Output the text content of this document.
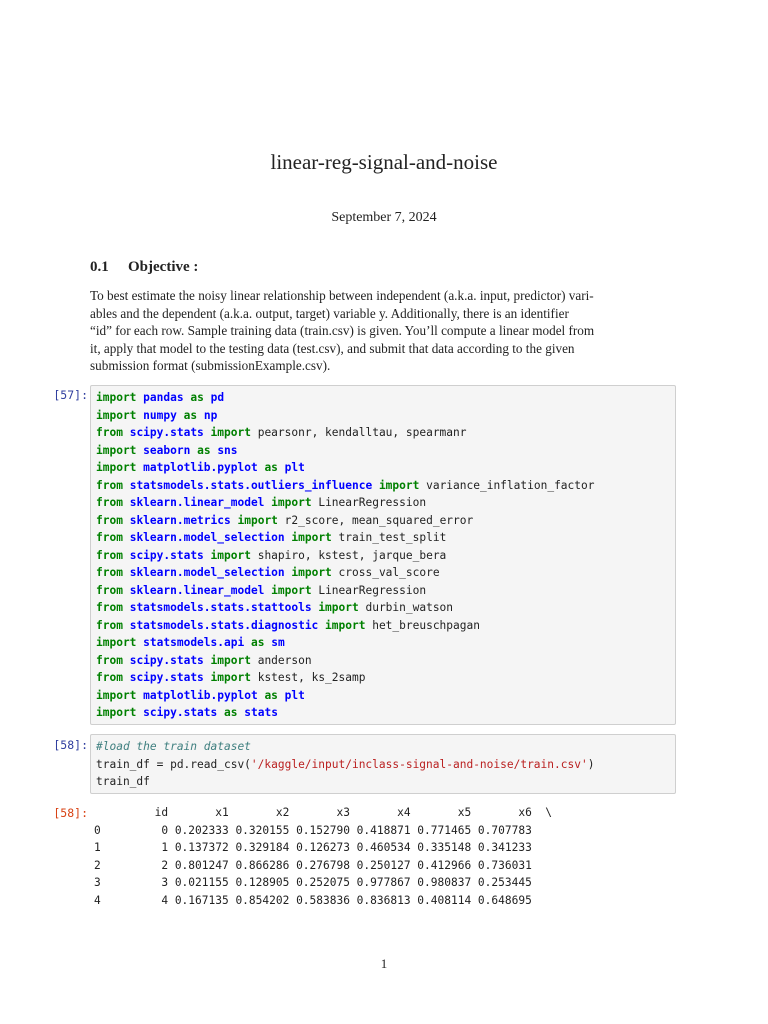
linear-reg-signal-and-noise
September 7, 2024
0.1 Objective :
To best estimate the noisy linear relationship between independent (a.k.a. input, predictor) vari-
ables and the dependent (a.k.a. output, target) variable y. Additionally, there is an identifier
“id” for each row. Sample training data (train.csv) is given. You’ll compute a linear model from
it, apply that model to the testing data (test.csv), and submit that data according to the given
submission format (submissionExample.csv).
[57]: import pandas as pd
import numpy as np
from scipy.stats import pearsonr, kendalltau, spearmanr
import seaborn as sns
import matplotlib.pyplot as plt
from statsmodels.stats.outliers_influence import variance_inflation_factor
from sklearn.linear_model import LinearRegression
from sklearn.metrics import r2_score, mean_squared_error
from sklearn.model_selection import train_test_split
from scipy.stats import shapiro, kstest, jarque_bera
from sklearn.model_selection import cross_val_score
from sklearn.linear_model import LinearRegression
from statsmodels.stats.stattools import durbin_watson
from statsmodels.stats.diagnostic import het_breuschpagan
import statsmodels.api as sm
from scipy.stats import anderson
from scipy.stats import kstest, ks_2samp
import matplotlib.pyplot as plt
import scipy.stats as stats
[58]: #load the train dataset
train_df = pd.read_csv('/kaggle/input/inclass-signal-and-noise/train.csv')
train_df
[58]: id       x1       x2       x3       x4       x5       x6  \
0         0 0.202333 0.320155 0.152790 0.418871 0.771465 0.707783
1         1 0.137372 0.329184 0.126273 0.460534 0.335148 0.341233
2         2 0.801247 0.866286 0.276798 0.250127 0.412966 0.736031
3         3 0.021155 0.128905 0.252075 0.977867 0.980837 0.253445
4         4 0.167135 0.854202 0.583836 0.836813 0.408114 0.648695
1
